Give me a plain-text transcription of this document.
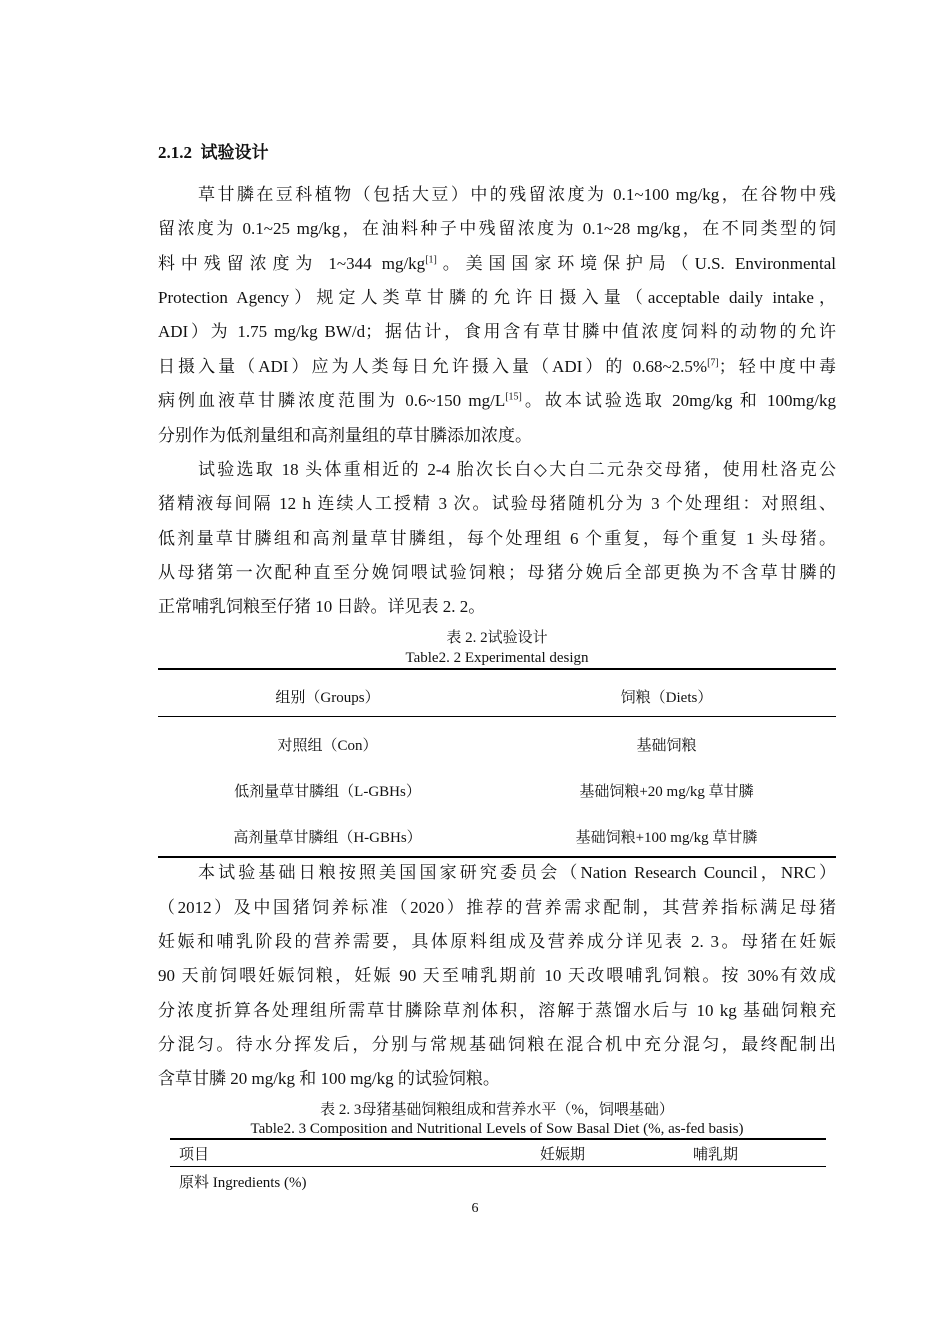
2.1.2 试验设计
草甘膦在豆科植物（包括大豆）中的残留浓度为 0.1~100 mg/kg，在谷物中残
留浓度为 0.1~25 mg/kg，在油料种子中残留浓度为 0.1~28 mg/kg，在不同类型的饲
料中残留浓度为 1~344 mg/kg[1]。美国国家环境保护局（U.S. Environmental
Protection Agency）规定人类草甘膦的允许日摄入量（acceptable daily intake，
ADI）为 1.75 mg/kg BW/d；据估计，食用含有草甘膦中值浓度饲料的动物的允许
日摄入量（ADI）应为人类每日允许摄入量（ADI）的 0.68~2.5%[7]；轻中度中毒
病例血液草甘膦浓度范围为 0.6~150 mg/L[15]。故本试验选取 20mg/kg 和 100mg/kg
分别作为低剂量组和高剂量组的草甘膦添加浓度。
试验选取 18 头体重相近的 2-4 胎次长白◇大白二元杂交母猪，使用杜洛克公
猪精液每间隔 12 h 连续人工授精 3 次。试验母猪随机分为 3 个处理组：对照组、
低剂量草甘膦组和高剂量草甘膦组，每个处理组 6 个重复，每个重复 1 头母猪。
从母猪第一次配种直至分娩饲喂试验饲粮；母猪分娩后全部更换为不含草甘膦的
正常哺乳饲粮至仔猪 10 日龄。详见表 2. 2。
表 2. 2试验设计
Table2. 2 Experimental design
组别（Groups）	饲粮（Diets）
对照组（Con）	基础饲粮
低剂量草甘膦组（L-GBHs）	基础饲粮+20 mg/kg 草甘膦
高剂量草甘膦组（H-GBHs）	基础饲粮+100 mg/kg 草甘膦
本试验基础日粮按照美国国家研究委员会（Nation Research Council，NRC）
（2012）及中国猪饲养标准（2020）推荐的营养需求配制，其营养指标满足母猪
妊娠和哺乳阶段的营养需要，具体原料组成及营养成分详见表 2. 3。母猪在妊娠
90 天前饲喂妊娠饲粮，妊娠 90 天至哺乳期前 10 天改喂哺乳饲粮。按 30%有效成
分浓度折算各处理组所需草甘膦除草剂体积，溶解于蒸馏水后与 10 kg 基础饲粮充
分混匀。待水分挥发后，分别与常规基础饲粮在混合机中充分混匀，最终配制出
含草甘膦 20 mg/kg 和 100 mg/kg 的试验饲粮。
表 2. 3母猪基础饲粮组成和营养水平（%，饲喂基础）
Table2. 3 Composition and Nutritional Levels of Sow Basal Diet (%, as-fed basis)
项目	妊娠期	哺乳期
原料 Ingredients (%)
6
